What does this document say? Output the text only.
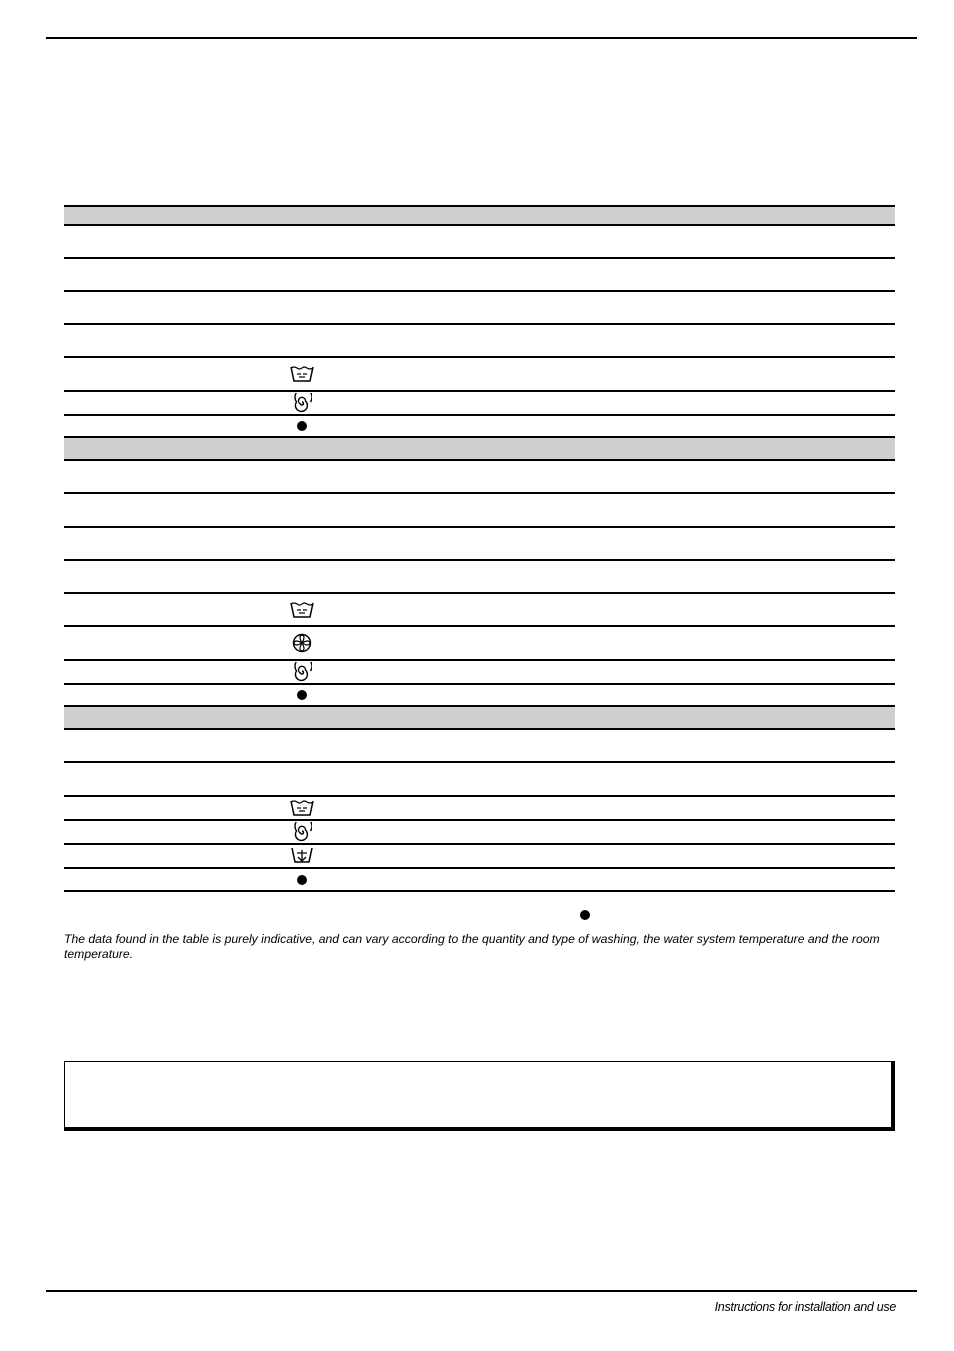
The data found in the table is purely indicative, and can vary according to the quantity and type of washing, the water system temperature and the room temperature.

Instructions for installation and use
